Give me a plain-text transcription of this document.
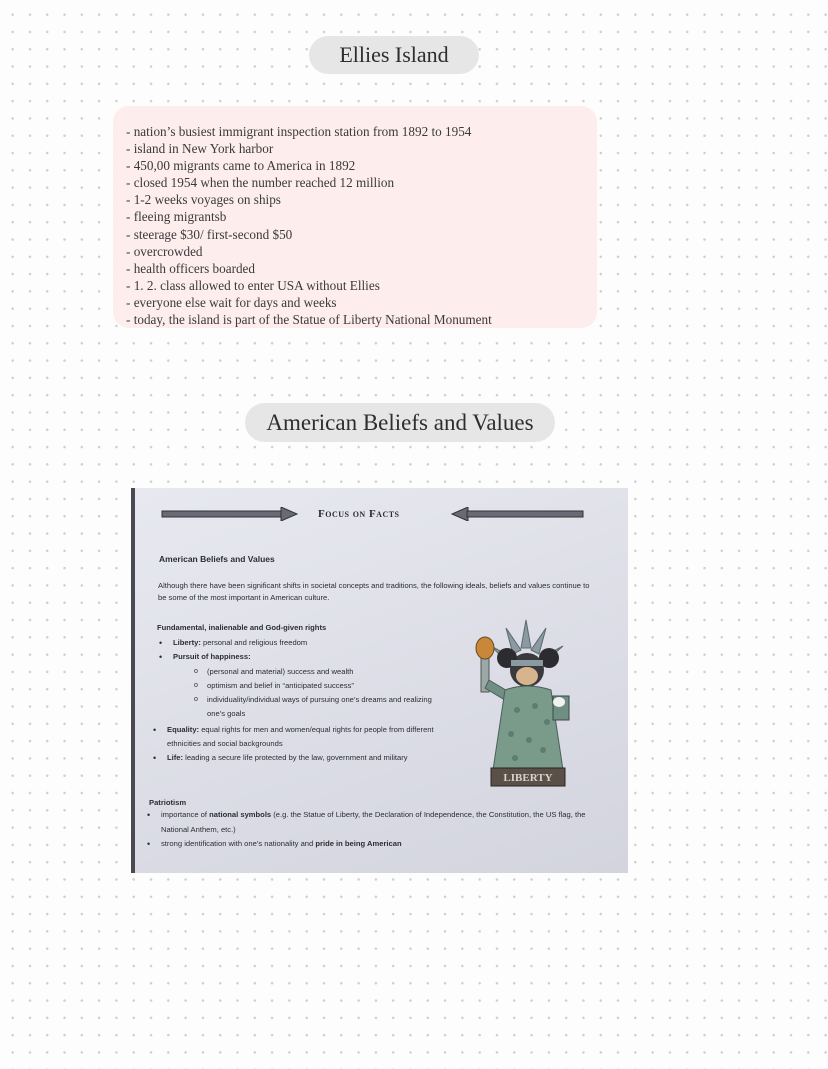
Ellies Island
- nation’s busiest immigrant inspection station from 1892 to 1954
- island in New York harbor
- 450,00 migrants came to America in 1892
- closed 1954 when the number reached 12 million
- 1-2 weeks voyages on ships
- fleeing migrantsb
- steerage $30/ first-second $50
- overcrowded
- health officers boarded
- 1. 2. class allowed to enter USA without Ellies
- everyone else wait for days and weeks
- today, the island is part of the Statue of Liberty National Monument
American Beliefs and Values
Focus on Facts
American Beliefs and Values
Although there have been significant shifts in societal concepts and traditions, the following ideals, beliefs and values continue to be some of the most important in American culture.
Fundamental, inalienable and God-given rights
• Liberty: personal and religious freedom
• Pursuit of happiness:
o (personal and material) success and wealth
o optimism and belief in “anticipated success”
o individuality/individual ways of pursuing one’s dreams and realizing one’s goals
• Equality: equal rights for men and women/equal rights for people from different ethnicities and social backgrounds
• Life: leading a secure life protected by the law, government and military
LIBERTY
Patriotism
• importance of national symbols (e.g. the Statue of Liberty, the Declaration of Independence, the Constitution, the US flag, the National Anthem, etc.)
• strong identification with one’s nationality and pride in being American
